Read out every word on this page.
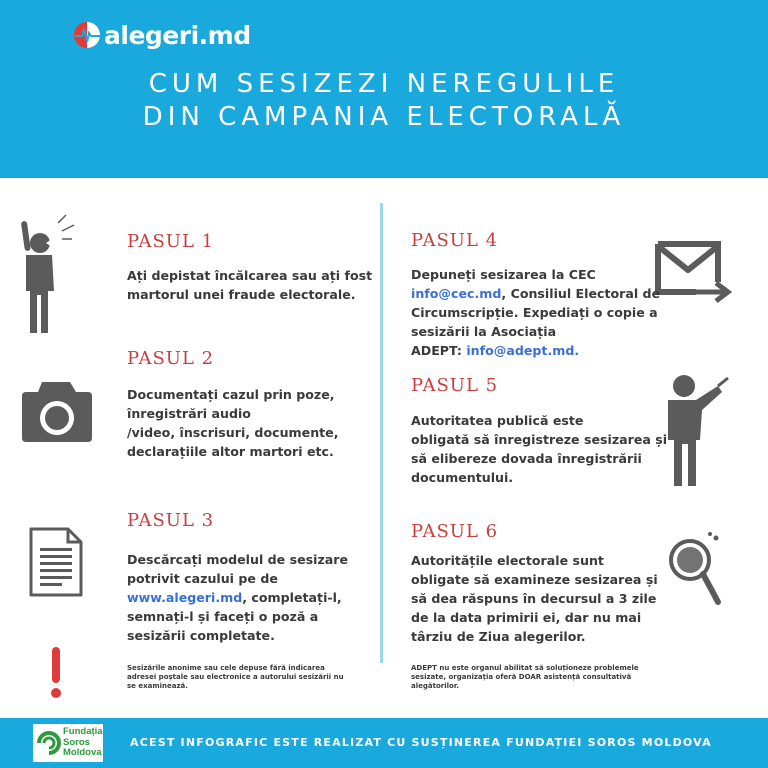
alegeri.md
CUM SESIZEZI NEREGULILE
DIN CAMPANIA ELECTORALĂ
PASUL 1
Ați depistat încălcarea sau ați fost
martorul unei fraude electorale.
PASUL 2
Documentați cazul prin poze,
înregistrări audio
/video, înscrisuri, documente,
declarațiile altor martori etc.
PASUL 3
Descărcați modelul de sesizare
potrivit cazului pe de
www.alegeri.md, completați-l,
semnați-l și faceți o poză a
sesizării completate.
Sesizările anonime sau cele depuse fără indicarea
adresei poștale sau electronice a autorului sesizării nu
se examinează.
PASUL 4
Depuneți sesizarea la CEC
info@cec.md, Consiliul Electoral de
Circumscripție. Expediați o copie a
sesizării la Asociația
ADEPT: info@adept.md.
PASUL 5
Autoritatea publică este
obligată să înregistreze sesizarea și
să elibereze dovada înregistrării
documentului.
PASUL 6
Autoritățile electorale sunt
obligate să examineze sesizarea și
să dea răspuns în decursul a 3 zile
de la data primirii ei, dar nu mai
târziu de Ziua alegerilor.
ADEPT nu este organul abilitat să soluționeze problemele
sesizate, organizația oferă DOAR asistență consultativă
alegătorilor.
Fundația
Soros
Moldova
ACEST INFOGRAFIC ESTE REALIZAT CU SUSȚINEREA FUNDAȚIEI SOROS MOLDOVA
